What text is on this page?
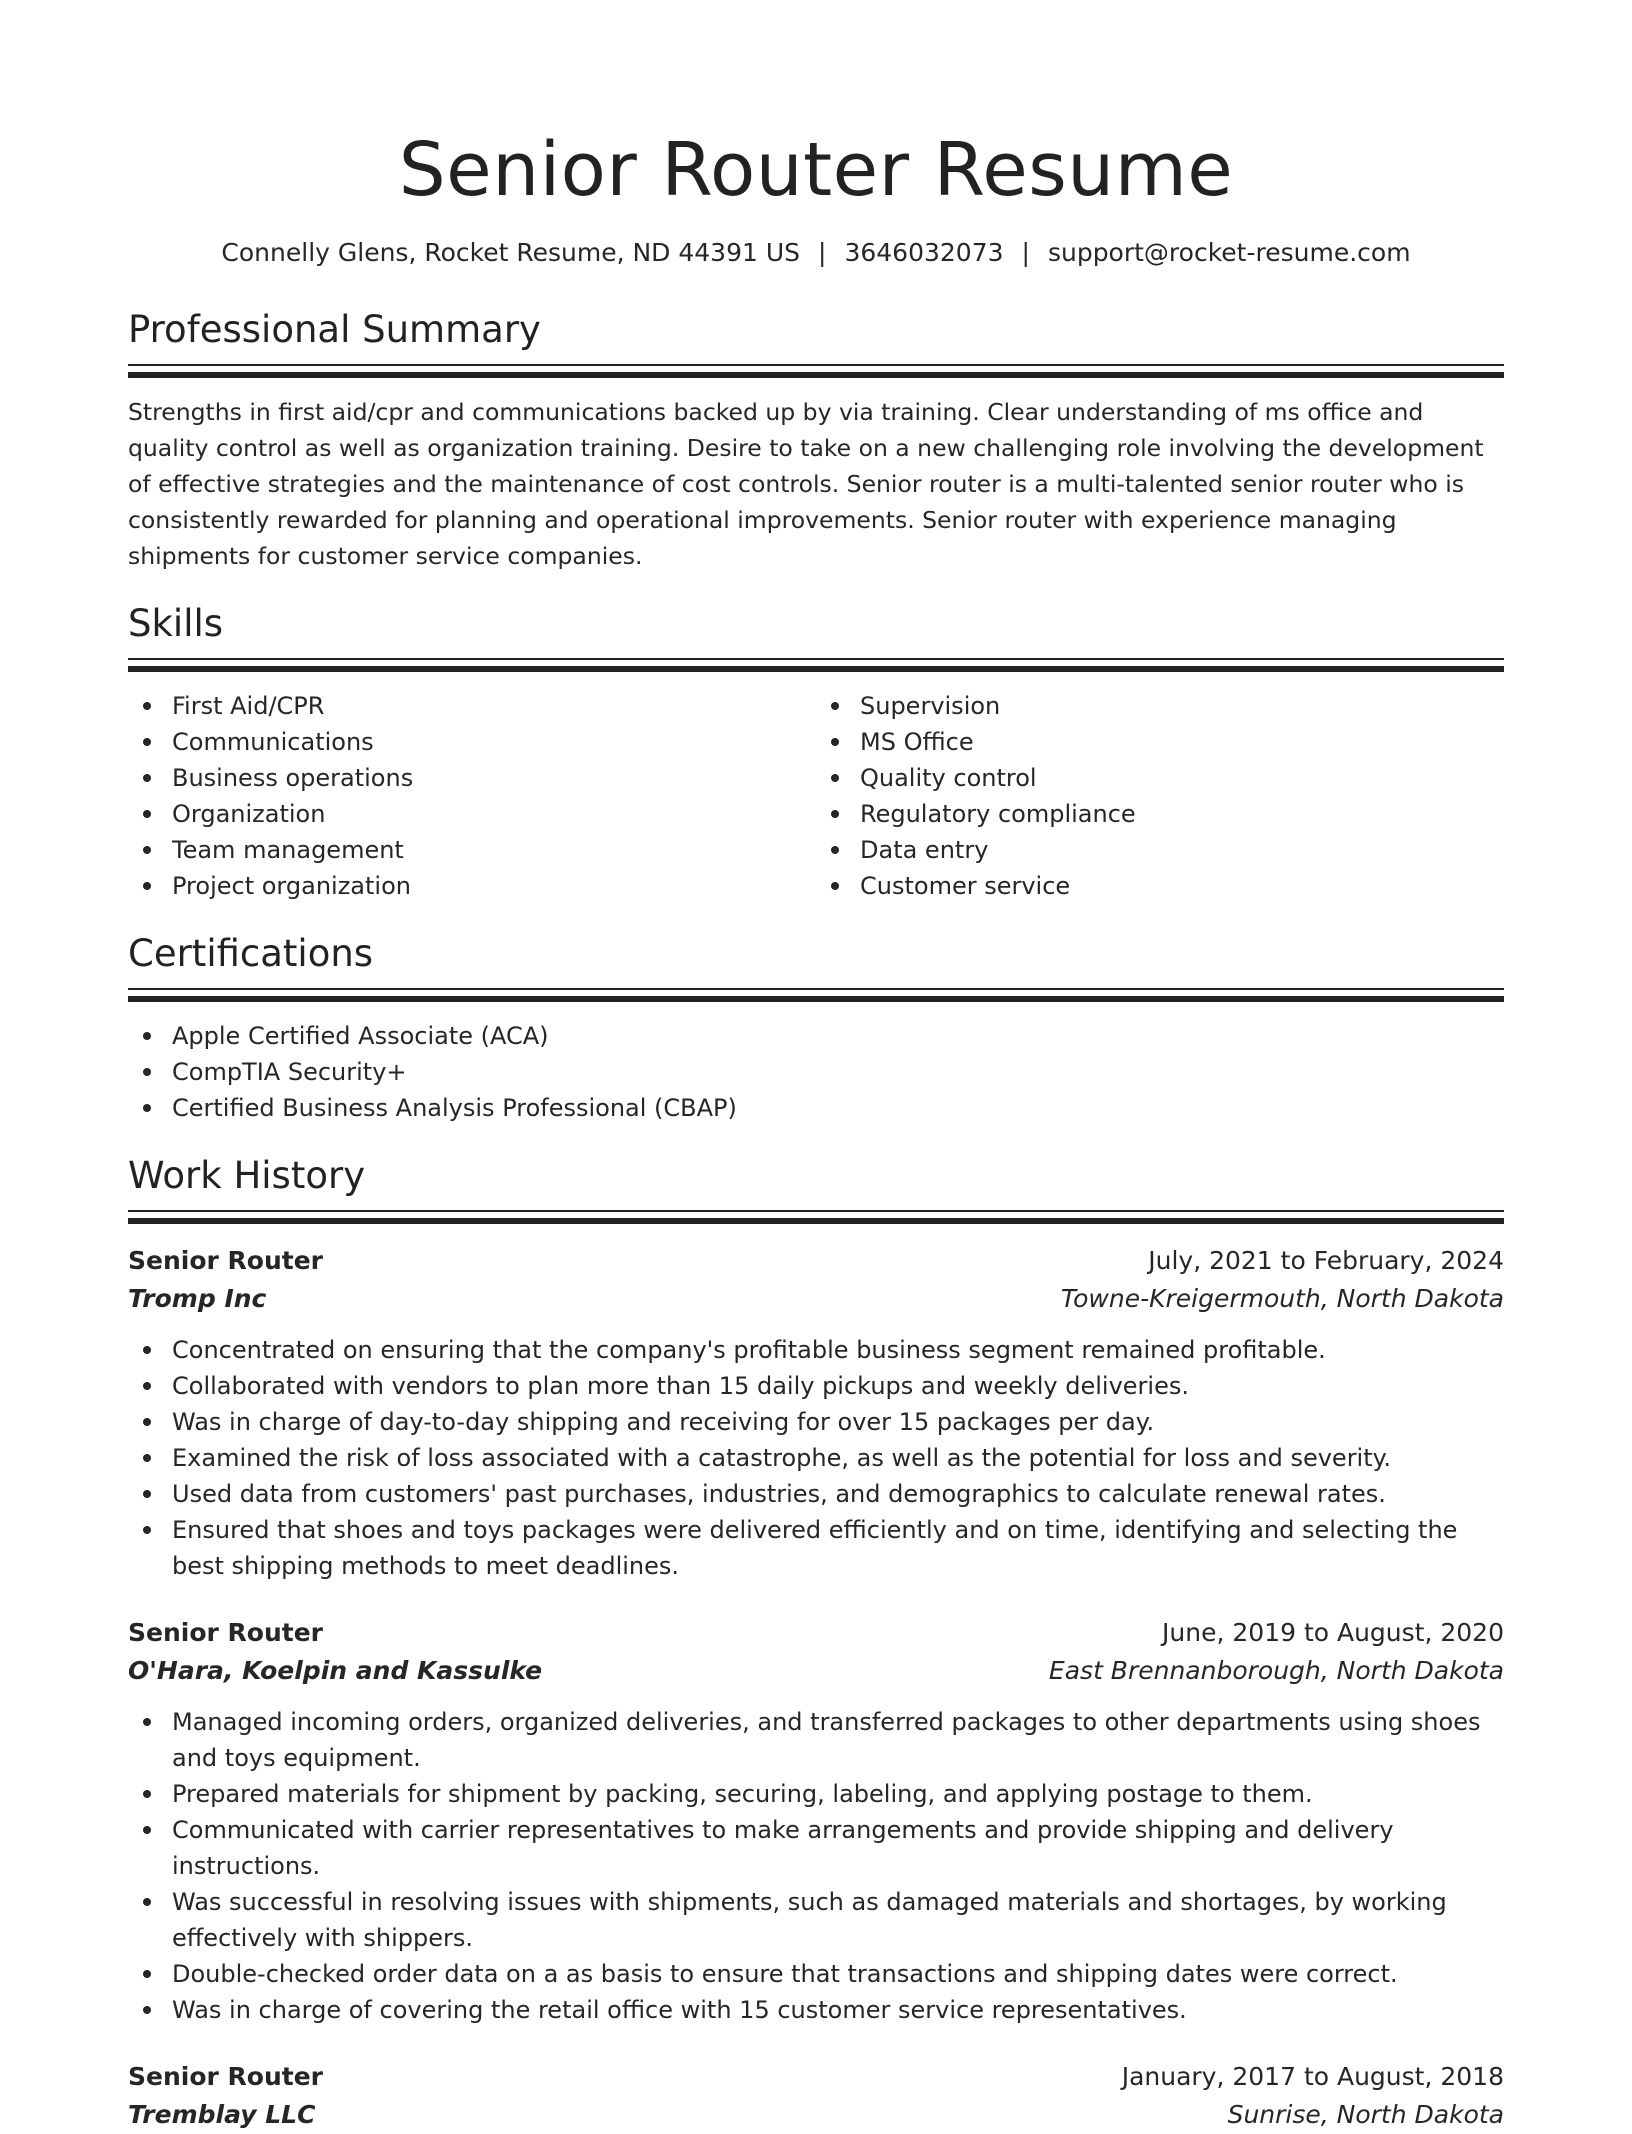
Senior Router Resume
Connelly Glens, Rocket Resume, ND 44391 US | 3646032073 | support@rocket-resume.com
Professional Summary

Strengths in first aid/cpr and communications backed up by via training. Clear understanding of ms office and quality control as well as organization training. Desire to take on a new challenging role involving the development of effective strategies and the maintenance of cost controls. Senior router is a multi-talented senior router who is consistently rewarded for planning and operational improvements. Senior router with experience managing shipments for customer service companies.

Skills
First Aid/CPR
Communications
Business operations
Organization
Team management
Project organization
Supervision
MS Office
Quality control
Regulatory compliance
Data entry
Customer service
Certifications
Apple Certified Associate (ACA)
CompTIA Security+
Certified Business Analysis Professional (CBAP)
Work History
Senior Router	July, 2021 to February, 2024
Tromp Inc	Towne-Kreigermouth, North Dakota
Concentrated on ensuring that the company's profitable business segment remained profitable.
Collaborated with vendors to plan more than 15 daily pickups and weekly deliveries.
Was in charge of day-to-day shipping and receiving for over 15 packages per day.
Examined the risk of loss associated with a catastrophe, as well as the potential for loss and severity.
Used data from customers' past purchases, industries, and demographics to calculate renewal rates.
Ensured that shoes and toys packages were delivered efficiently and on time, identifying and selecting the best shipping methods to meet deadlines.
Senior Router	June, 2019 to August, 2020
O'Hara, Koelpin and Kassulke	East Brennanborough, North Dakota
Managed incoming orders, organized deliveries, and transferred packages to other departments using shoes and toys equipment.
Prepared materials for shipment by packing, securing, labeling, and applying postage to them.
Communicated with carrier representatives to make arrangements and provide shipping and delivery instructions.
Was successful in resolving issues with shipments, such as damaged materials and shortages, by working effectively with shippers.
Double-checked order data on a as basis to ensure that transactions and shipping dates were correct.
Was in charge of covering the retail office with 15 customer service representatives.
Senior Router	January, 2017 to August, 2018
Tremblay LLC	Sunrise, North Dakota
